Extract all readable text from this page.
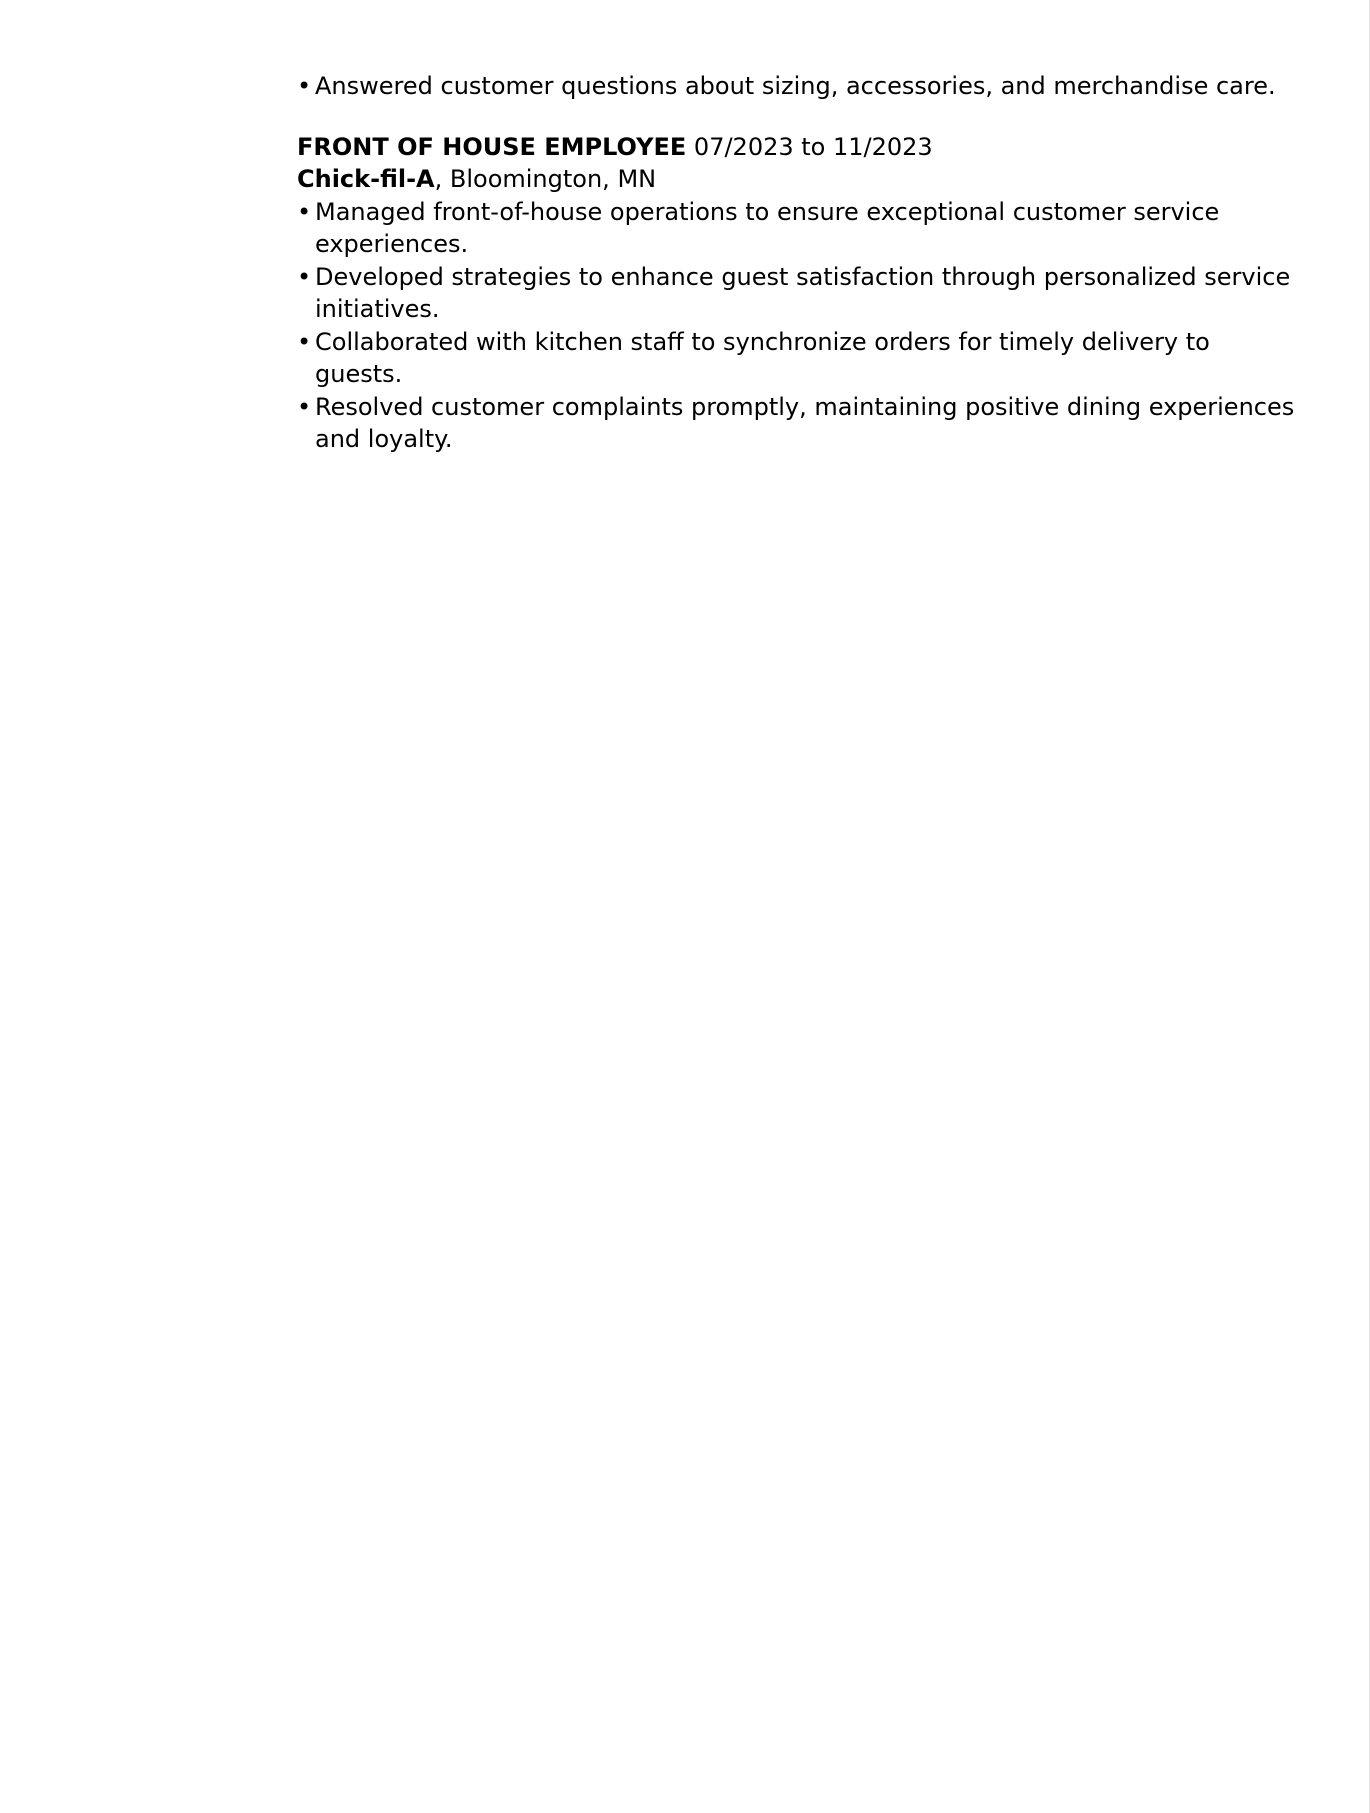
• Answered customer questions about sizing, accessories, and merchandise care.
FRONT OF HOUSE EMPLOYEE 07/2023 to 11/2023
Chick-fil-A, Bloomington, MN
• Managed front-of-house operations to ensure exceptional customer service experiences.
• Developed strategies to enhance guest satisfaction through personalized service initiatives.
• Collaborated with kitchen staff to synchronize orders for timely delivery to guests.
• Resolved customer complaints promptly, maintaining positive dining experiences and loyalty.
